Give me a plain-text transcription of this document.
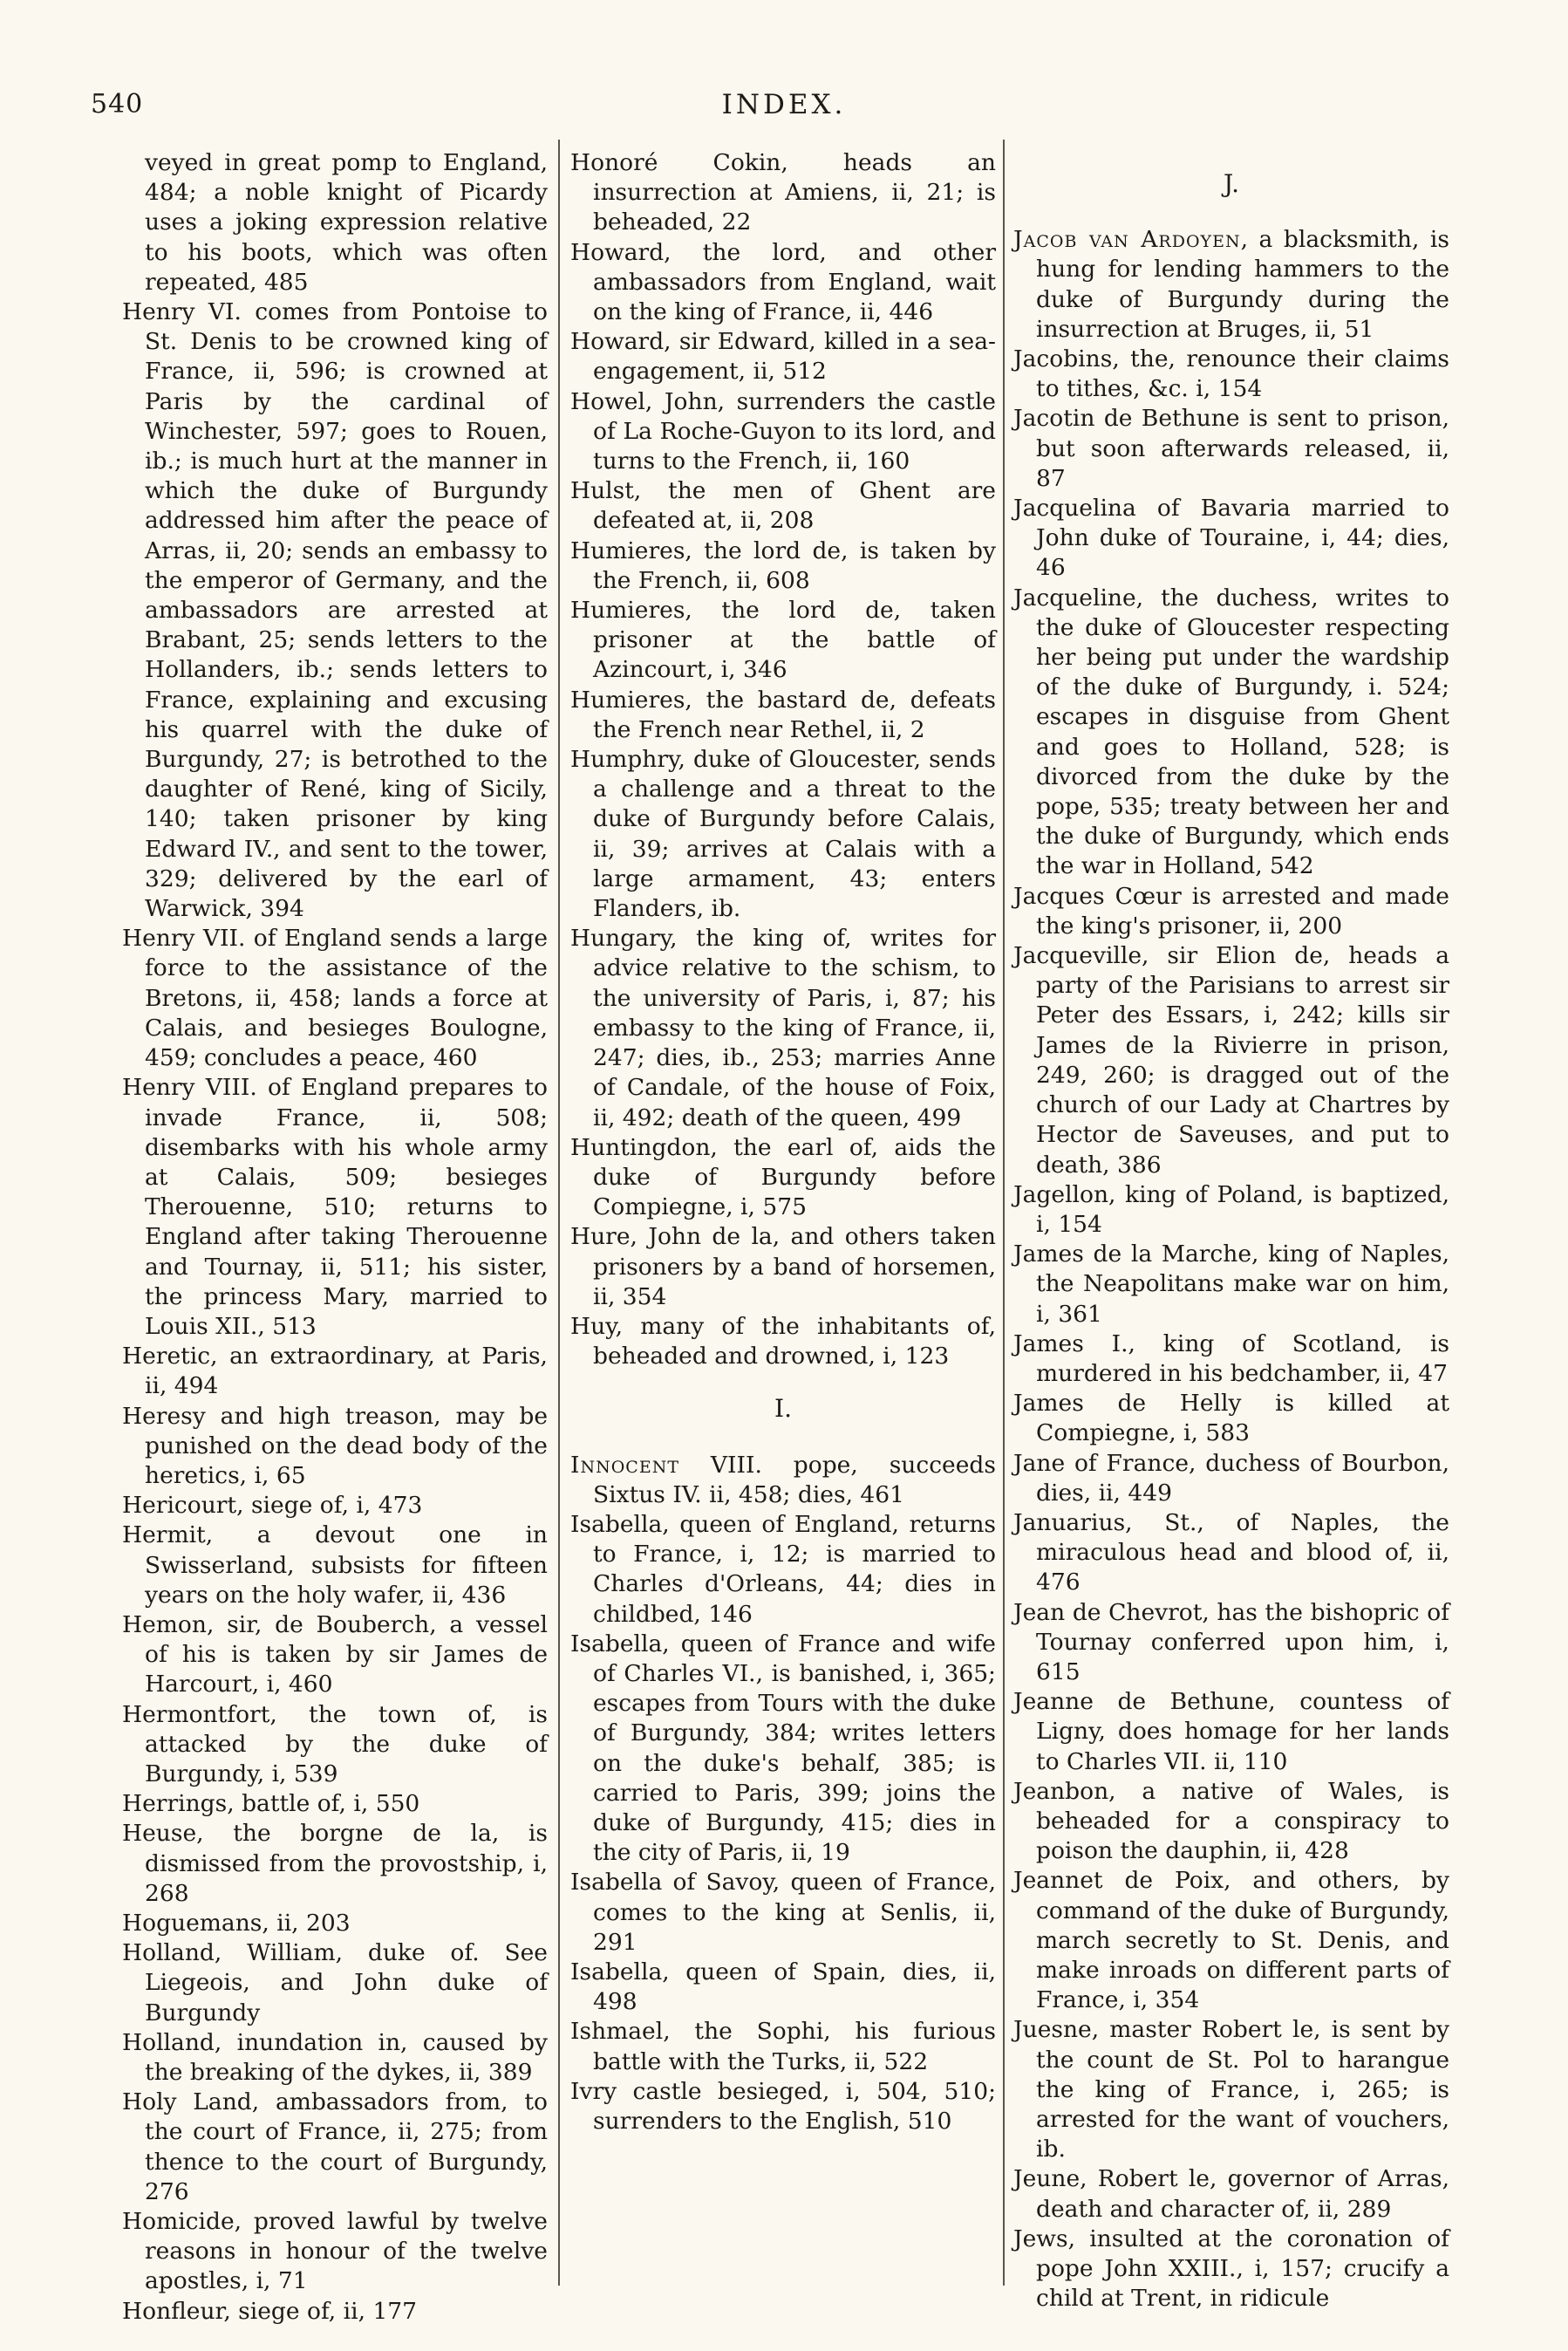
540	INDEX.
veyed in great pomp to England, 484; a noble knight of Picardy uses a joking expression relative to his boots, which was often repeated, 485
Henry VI. comes from Pontoise to St. Denis to be crowned king of France, ii, 596; is crowned at Paris by the cardinal of Winchester, 597; goes to Rouen, ib.; is much hurt at the manner in which the duke of Burgundy addressed him after the peace of Arras, ii, 20; sends an embassy to the emperor of Germany, and the ambassadors are arrested at Brabant, 25; sends letters to the Hollanders, ib.; sends letters to France, explaining and excusing his quarrel with the duke of Burgundy, 27; is betrothed to the daughter of René, king of Sicily, 140; taken prisoner by king Edward IV., and sent to the tower, 329; delivered by the earl of Warwick, 394
Henry VII. of England sends a large force to the assistance of the Bretons, ii, 458; lands a force at Calais, and besieges Boulogne, 459; concludes a peace, 460
Henry VIII. of England prepares to invade France, ii, 508; disembarks with his whole army at Calais, 509; besieges Therouenne, 510; returns to England after taking Therouenne and Tournay, ii, 511; his sister, the princess Mary, married to Louis XII., 513
Heretic, an extraordinary, at Paris, ii, 494
Heresy and high treason, may be punished on the dead body of the heretics, i, 65
Hericourt, siege of, i, 473
Hermit, a devout one in Swisserland, subsists for fifteen years on the holy wafer, ii, 436
Hemon, sir, de Bouberch, a vessel of his is taken by sir James de Harcourt, i, 460
Hermontfort, the town of, is attacked by the duke of Burgundy, i, 539
Herrings, battle of, i, 550
Heuse, the borgne de la, is dismissed from the provostship, i, 268
Hoguemans, ii, 203
Holland, William, duke of. See Liegeois, and John duke of Burgundy
Holland, inundation in, caused by the breaking of the dykes, ii, 389
Holy Land, ambassadors from, to the court of France, ii, 275; from thence to the court of Burgundy, 276
Homicide, proved lawful by twelve reasons in honour of the twelve apostles, i, 71
Honfleur, siege of, ii, 177
Honoré Cokin, heads an insurrection at Amiens, ii, 21; is beheaded, 22
Howard, the lord, and other ambassadors from England, wait on the king of France, ii, 446
Howard, sir Edward, killed in a sea-engagement, ii, 512
Howel, John, surrenders the castle of La Roche-Guyon to its lord, and turns to the French, ii, 160
Hulst, the men of Ghent are defeated at, ii, 208
Humieres, the lord de, is taken by the French, ii, 608
Humieres, the lord de, taken prisoner at the battle of Azincourt, i, 346
Humieres, the bastard de, defeats the French near Rethel, ii, 2
Humphry, duke of Gloucester, sends a challenge and a threat to the duke of Burgundy before Calais, ii, 39; arrives at Calais with a large armament, 43; enters Flanders, ib.
Hungary, the king of, writes for advice relative to the schism, to the university of Paris, i, 87; his embassy to the king of France, ii, 247; dies, ib., 253; marries Anne of Candale, of the house of Foix, ii, 492; death of the queen, 499
Huntingdon, the earl of, aids the duke of Burgundy before Compiegne, i, 575
Hure, John de la, and others taken prisoners by a band of horsemen, ii, 354
Huy, many of the inhabitants of, beheaded and drowned, i, 123
I.
Innocent VIII. pope, succeeds Sixtus IV. ii, 458; dies, 461
Isabella, queen of England, returns to France, i, 12; is married to Charles d'Orleans, 44; dies in childbed, 146
Isabella, queen of France and wife of Charles VI., is banished, i, 365; escapes from Tours with the duke of Burgundy, 384; writes letters on the duke's behalf, 385; is carried to Paris, 399; joins the duke of Burgundy, 415; dies in the city of Paris, ii, 19
Isabella of Savoy, queen of France, comes to the king at Senlis, ii, 291
Isabella, queen of Spain, dies, ii, 498
Ishmael, the Sophi, his furious battle with the Turks, ii, 522
Ivry castle besieged, i, 504, 510; surrenders to the English, 510
J.
Jacob van Ardoyen, a blacksmith, is hung for lending hammers to the duke of Burgundy during the insurrection at Bruges, ii, 51
Jacobins, the, renounce their claims to tithes, &c. i, 154
Jacotin de Bethune is sent to prison, but soon afterwards released, ii, 87
Jacquelina of Bavaria married to John duke of Touraine, i, 44; dies, 46
Jacqueline, the duchess, writes to the duke of Gloucester respecting her being put under the wardship of the duke of Burgundy, i. 524; escapes in disguise from Ghent and goes to Holland, 528; is divorced from the duke by the pope, 535; treaty between her and the duke of Burgundy, which ends the war in Holland, 542
Jacques Cœur is arrested and made the king's prisoner, ii, 200
Jacqueville, sir Elion de, heads a party of the Parisians to arrest sir Peter des Essars, i, 242; kills sir James de la Rivierre in prison, 249, 260; is dragged out of the church of our Lady at Chartres by Hector de Saveuses, and put to death, 386
Jagellon, king of Poland, is baptized, i, 154
James de la Marche, king of Naples, the Neapolitans make war on him, i, 361
James I., king of Scotland, is murdered in his bedchamber, ii, 47
James de Helly is killed at Compiegne, i, 583
Jane of France, duchess of Bourbon, dies, ii, 449
Januarius, St., of Naples, the miraculous head and blood of, ii, 476
Jean de Chevrot, has the bishopric of Tournay conferred upon him, i, 615
Jeanne de Bethune, countess of Ligny, does homage for her lands to Charles VII. ii, 110
Jeanbon, a native of Wales, is beheaded for a conspiracy to poison the dauphin, ii, 428
Jeannet de Poix, and others, by command of the duke of Burgundy, march secretly to St. Denis, and make inroads on different parts of France, i, 354
Juesne, master Robert le, is sent by the count de St. Pol to harangue the king of France, i, 265; is arrested for the want of vouchers, ib.
Jeune, Robert le, governor of Arras, death and character of, ii, 289
Jews, insulted at the coronation of pope John XXIII., i, 157; crucify a child at Trent, in ridicule
